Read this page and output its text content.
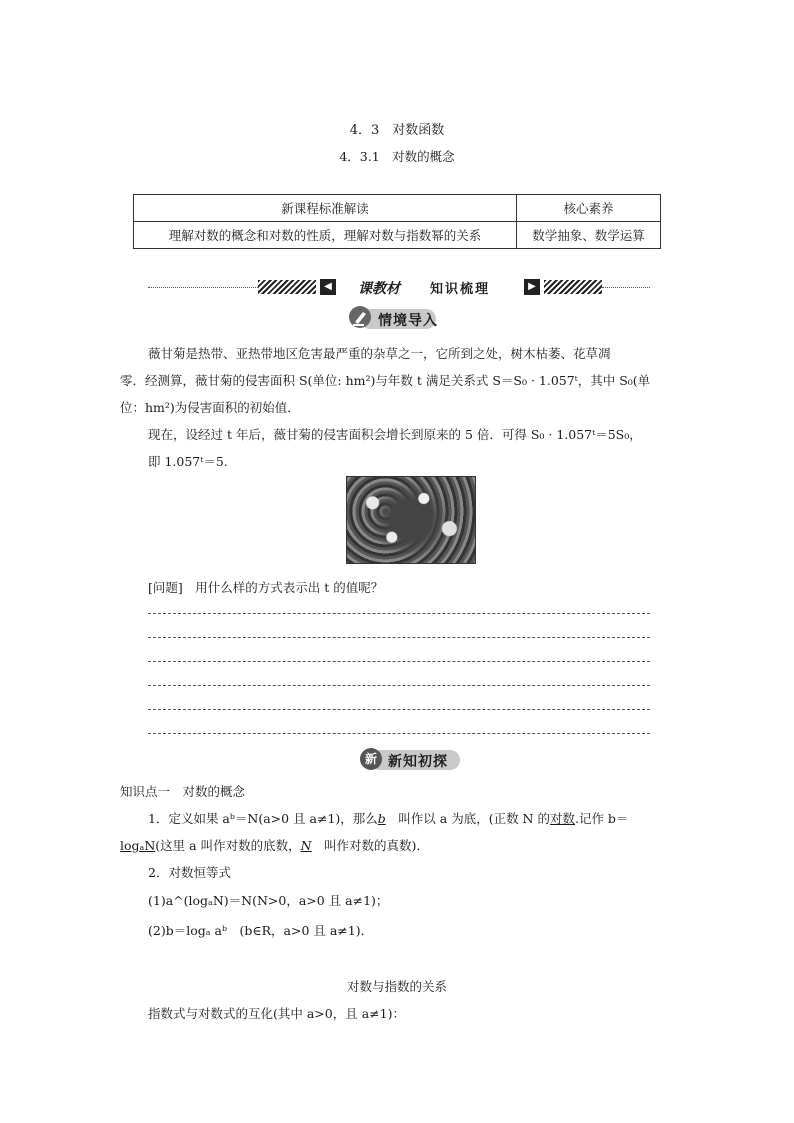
4．3　对数函数
4．3.1　对数的概念
新课程标准解读	核心素养
理解对数的概念和对数的性质，理解对数与指数幂的关系	数学抽象、数学运算
◀ 课教材 知识梳理	▶
情境导入
薇甘菊是热带、亚热带地区危害最严重的杂草之一，它所到之处，树木枯萎、花草凋
零．经测算，薇甘菊的侵害面积 S(单位: hm²)与年数 t 满足关系式 S＝S₀ · 1.057ᵗ，其中 S₀(单
位：hm²)为侵害面积的初始值．
现在，设经过 t 年后，薇甘菊的侵害面积会增长到原来的 5 倍．可得 S₀ · 1.057ᵗ＝5S₀，
即 1.057ᵗ＝5.
[问题]　用什么样的方式表示出 t 的值呢？
新 新知初探
知识点一　对数的概念
1．定义如果 aᵇ＝N(a>0 且 a≠1)，那么b　叫作以 a 为底，(正数 N 的对数.记作 b＝
logₐN(这里 a 叫作对数的底数，N　叫作对数的真数)．
2．对数恒等式
(1)a^(logₐN)＝N(N>0，a>0 且 a≠1)；
(2)b＝logₐ aᵇ　(b∈R，a>0 且 a≠1)．
对数与指数的关系
指数式与对数式的互化(其中 a>0，且 a≠1)：
